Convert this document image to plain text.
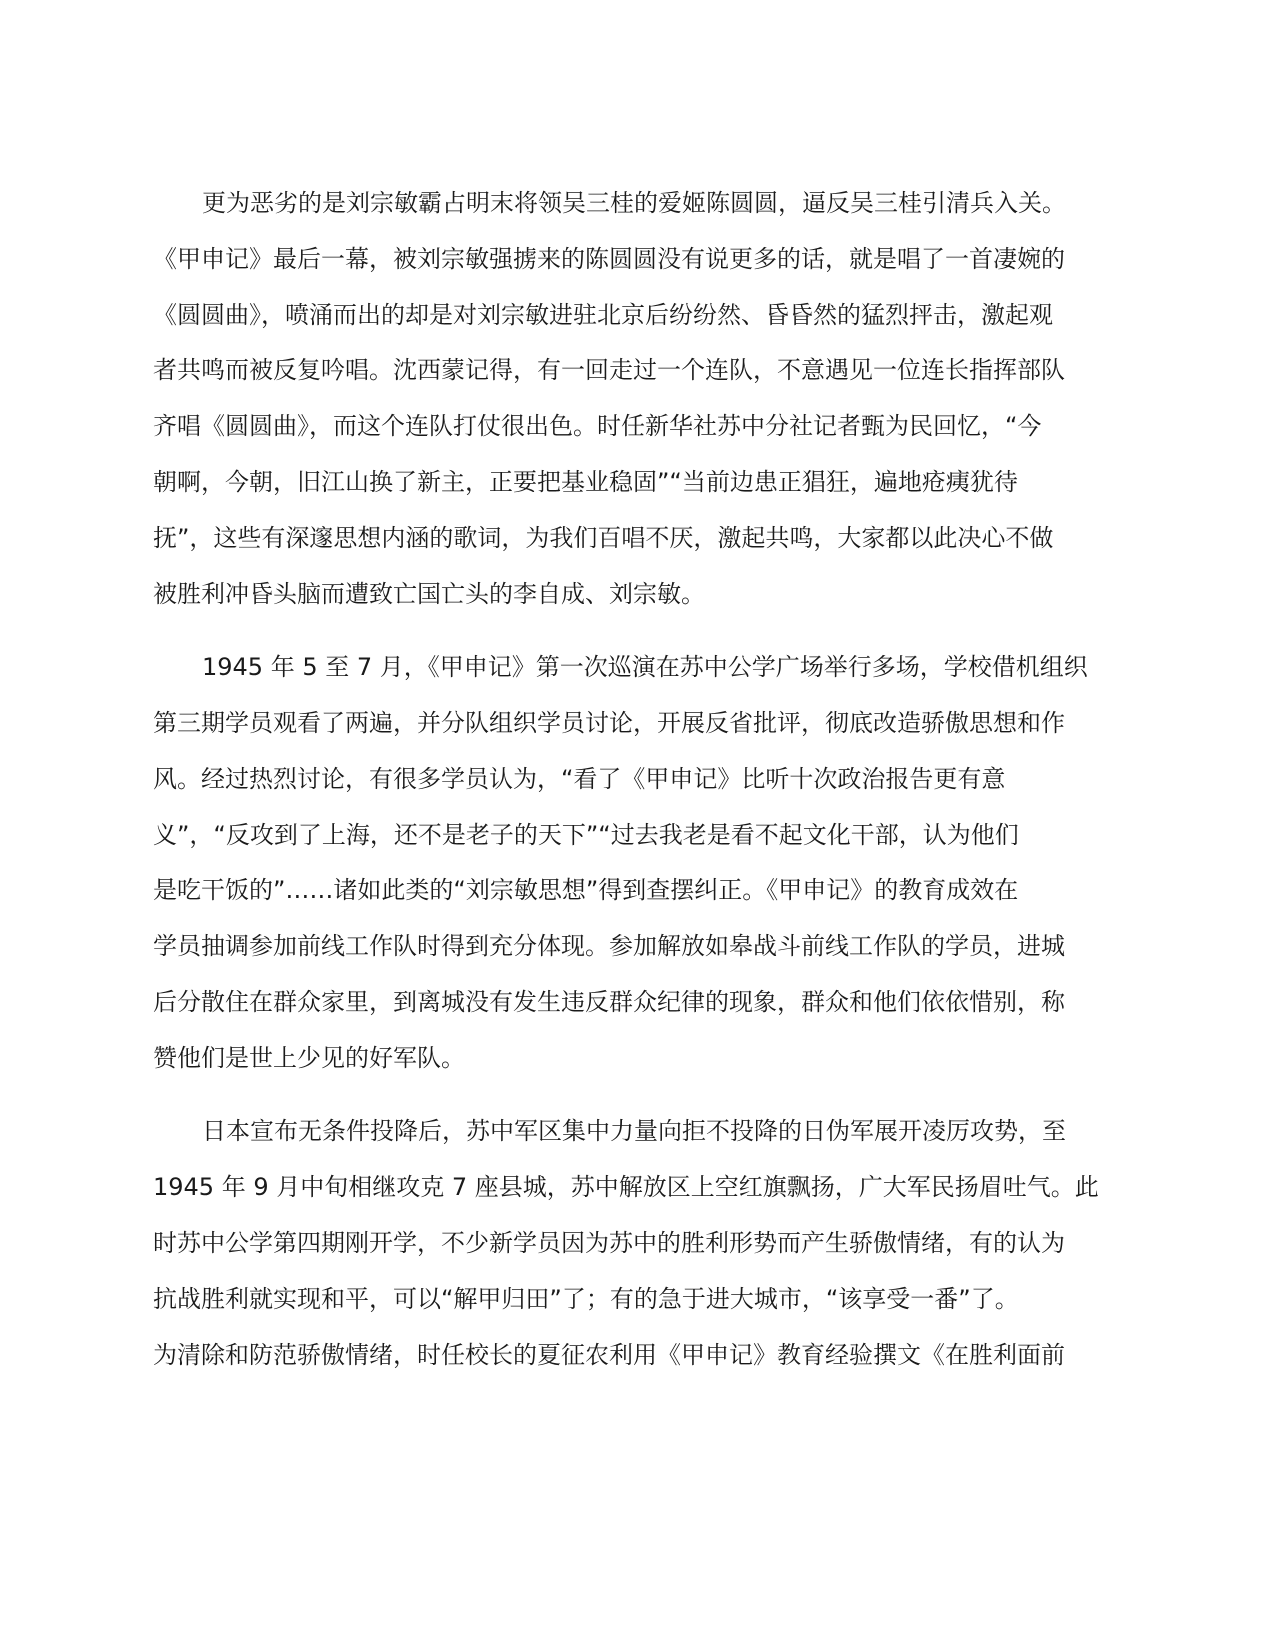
更为恶劣的是刘宗敏霸占明末将领吴三桂的爱姬陈圆圆，逼反吴三桂引清兵入关。

《甲申记》最后一幕，被刘宗敏强掳来的陈圆圆没有说更多的话，就是唱了一首凄婉的

《圆圆曲》，喷涌而出的却是对刘宗敏进驻北京后纷纷然、昏昏然的猛烈抨击，激起观

者共鸣而被反复吟唱。沈西蒙记得，有一回走过一个连队，不意遇见一位连长指挥部队

齐唱《圆圆曲》，而这个连队打仗很出色。时任新华社苏中分社记者甄为民回忆，“今

朝啊，今朝，旧江山换了新主，正要把基业稳固”“当前边患正猖狂，遍地疮痍犹待

抚”，这些有深邃思想内涵的歌词，为我们百唱不厌，激起共鸣，大家都以此决心不做

被胜利冲昏头脑而遭致亡国亡头的李自成、刘宗敏。

1945 年 5 至 7 月，《甲申记》第一次巡演在苏中公学广场举行多场，学校借机组织

第三期学员观看了两遍，并分队组织学员讨论，开展反省批评，彻底改造骄傲思想和作

风。经过热烈讨论，有很多学员认为，“看了《甲申记》比听十次政治报告更有意

义”，“反攻到了上海，还不是老子的天下”“过去我老是看不起文化干部，认为他们

是吃干饭的”……诸如此类的“刘宗敏思想”得到查摆纠正。《甲申记》的教育成效在

学员抽调参加前线工作队时得到充分体现。参加解放如皋战斗前线工作队的学员，进城

后分散住在群众家里，到离城没有发生违反群众纪律的现象，群众和他们依依惜别，称

赞他们是世上少见的好军队。

日本宣布无条件投降后，苏中军区集中力量向拒不投降的日伪军展开凌厉攻势，至

1945 年 9 月中旬相继攻克 7 座县城，苏中解放区上空红旗飘扬，广大军民扬眉吐气。此

时苏中公学第四期刚开学，不少新学员因为苏中的胜利形势而产生骄傲情绪，有的认为

抗战胜利就实现和平，可以“解甲归田”了；有的急于进大城市，“该享受一番”了。

为清除和防范骄傲情绪，时任校长的夏征农利用《甲申记》教育经验撰文《在胜利面前
